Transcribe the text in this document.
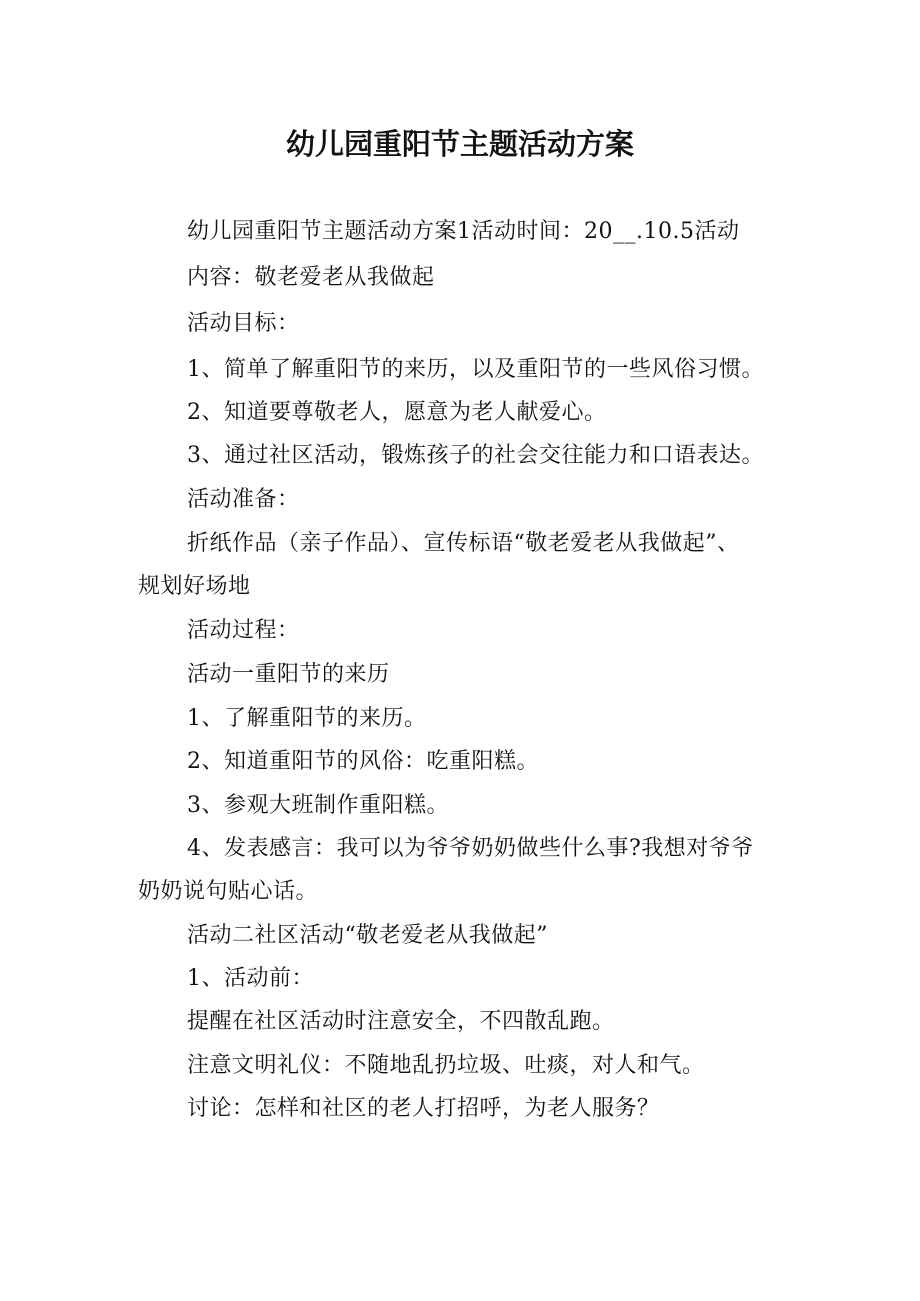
幼儿园重阳节主题活动方案

幼儿园重阳节主题活动方案1活动时间：20__.10.5活动

内容：敬老爱老从我做起

活动目标：

1、简单了解重阳节的来历，以及重阳节的一些风俗习惯。

2、知道要尊敬老人，愿意为老人献爱心。

3、通过社区活动，锻炼孩子的社会交往能力和口语表达。

活动准备：

折纸作品（亲子作品）、宣传标语“敬老爱老从我做起”、

规划好场地

活动过程：

活动一重阳节的来历

1、了解重阳节的来历。

2、知道重阳节的风俗：吃重阳糕。

3、参观大班制作重阳糕。

4、发表感言：我可以为爷爷奶奶做些什么事?我想对爷爷

奶奶说句贴心话。

活动二社区活动“敬老爱老从我做起”

1、活动前：

提醒在社区活动时注意安全，不四散乱跑。

注意文明礼仪：不随地乱扔垃圾、吐痰，对人和气。

讨论：怎样和社区的老人打招呼，为老人服务？
